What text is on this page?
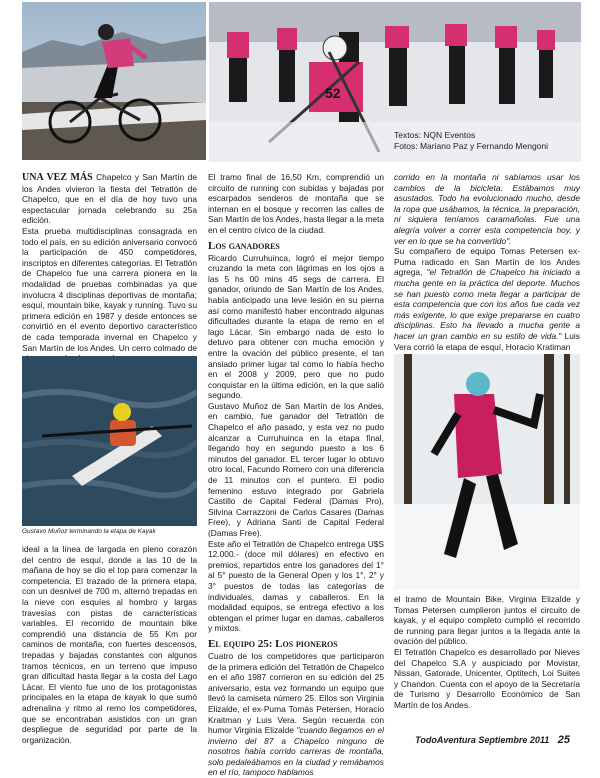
52
Textos: NQN Eventos
Fotos: Mariano Paz y Fernando Mengoni

UNA VEZ MÁS Chapelco y San Martín de los Andes vivieron la fiesta del Tetratlón de Chapelco, que en el día de hoy tuvo una espectacular jornada celebrando su 25a edición.

Esta prueba multidisciplinas consagrada en todo el país, en su edición aniversario convocó la participación de 450 competidores, inscriptos en diferentes categorías. El Tetratlón de Chapelco fue una carrera pionera en la modalidad de pruebas combinadas ya que involucra 4 disciplinas deportivas de montaña; esquí, mountain bike, kayak y running. Tuvo su primera edición en 1987 y desde entonces se convirtió en el evento deportivo característico de cada temporada invernal en Chapelco y San Martín de los Andes. Un cerro colmado de

Gustavo Muñoz terminando la etapa de Kayak

ideal a la línea de largada en pleno corazón del centro de esquí, donde a las 10 de la mañana de hoy se dio el top para comenzar la competencia. El trazado de la primera etapa, con un desnivel de 700 m, alternó trepadas en la nieve con esquíes al hombro y largas travesías con pistas de características variables. El recorrido de mountain bike comprendió una distancia de 55 Km por caminos de montaña, con fuertes descensos, trepadas y bajadas constantes con algunos tramos técnicos, en un terreno que impuso gran dificultad hasta llegar a la costa del Lago Lácar. El viento fue uno de los protagonistas principales en la etapa de kayak lo que sumó adrenalina y ritmo al remo los competidores, que se encontraban asistidos con un gran despliegue de seguridad por parte de la organización.

El tramo final de 16,50 Km, comprendió un circuito de running con subidas y bajadas por escarpados senderos de montaña que se internan en el bosque y recorren las calles de San Martín de los Andes, hasta llegar a la meta en el centro cívico de la ciudad.

Los ganadores

Ricardo Curruhuinca, logró el mejor tiempo cruzando la meta con lágrimas en los ojos a las 5 hs 00 mins 45 segs de carrera. El ganador, oriundo de San Martín de los Andes, había anticipado una leve lesión en su pierna así como manifestó haber encontrado algunas dificultades durante la etapa de remo en el lago Lácar. Sin embargo nada de esto lo detuvo para obtener con mucha emoción y entre la ovación del público presente, el tan ansiado primer lugar tal como lo había hecho en el 2008 y 2009, pero que no pudo conquistar en la última edición, en la que salió segundo.

Gustavo Muñoz de San Martín de los Andes, en cambio, fue ganador del Tetratlón de Chapelco el año pasado, y esta vez no pudo alcanzar a Curruhuinca en la etapa final, llegando hoy en segundo puesto a los 6 minutos del ganador. EL tercer lugar lo obtuvo otro local, Facundo Romero con una diferencia de 11 minutos con el puntero. El podio femenino estuvo integrado por Gabriela Castillo de Capital Federal (Damas Pro), Silvina Carrazzoni de Carlos Casares (Damas Free), y Adriana Santi de Capital Federal (Damas Free).

Este año el Tetratlón de Chapelco entrega U$S 12.000.- (doce mil dólares) en efectivo en premios, repartidos entre los ganadores del 1° al 5° puesto de la General Open y los 1°, 2° y 3° puestos de todas las categorías de individuales, damas y caballeros. En la modalidad equipos, se entrega efectivo a los obtengan el primer lugar en damas, caballeros y mixtos.

El equipo 25: Los pioneros

Cuatro de los competidores que participaron de la primera edición del Tetratlón de Chapelco en el año 1987 corrieron en su edición del 25 aniversario, esta vez formando un equipo que llevó la camiseta número 25. Ellos son Virginia Elizalde, el ex-Puma Tomás Petersen, Horacio Kraitman y Luis Vera. Según recuerda con humor Virginia Elizalde "cuando llegamos en el invierno del 87 a Chapelco ninguno de nosotros había corrido carreras de montaña, solo pedaleábamos en la ciudad y remábamos en el río, tampoco hablamos

corrido en la montaña ni sabíamos usar los cambios de la bicicleta. Estábamos muy asustados. Todo ha evolucionado mucho, desde la ropa que usábamos, la técnica, la preparación, ni siquiera teníamos caramañolas. Fue una alegría volver a correr esta competencia hoy, y ver en lo que se ha convertido".

Su compañero de equipo Tomas Petersen ex- Puma radicado en San Martín de los Andes agrega, "el Tetratlón de Chapelco ha iniciado a mucha gente en la práctica del deporte. Muchos se han puesto como meta llegar a participar de esta competencia que con los años fue cada vez más exigente, lo que exige prepararse en cuatro disciplinas. Esto ha llevado a mucha gente a hacer un gran cambio en su estilo de vida." Luis Vera corrió la etapa de esquí, Horacio Kratiman

el tramo de Mountain Bike, Virginia Elizalde y Tomas Petersen cumplieron juntos el circuito de kayak, y el equipo completo cumplió el recorrido de running para llegar juntos a la llegada ante la ovación del público.

El Tetratlón Chapelco es desarrollado por Nieves del Chapelco S.A y auspiciado por Movistar, Nissan, Gatorade, Unicenter, Optitech, Loi Suites y Chandon. Cuenta con el apoyo de la Secretaría de Turismo y Desarrollo Económico de San Martín de los Andes.

TodoAventura Septiembre 2011 25
